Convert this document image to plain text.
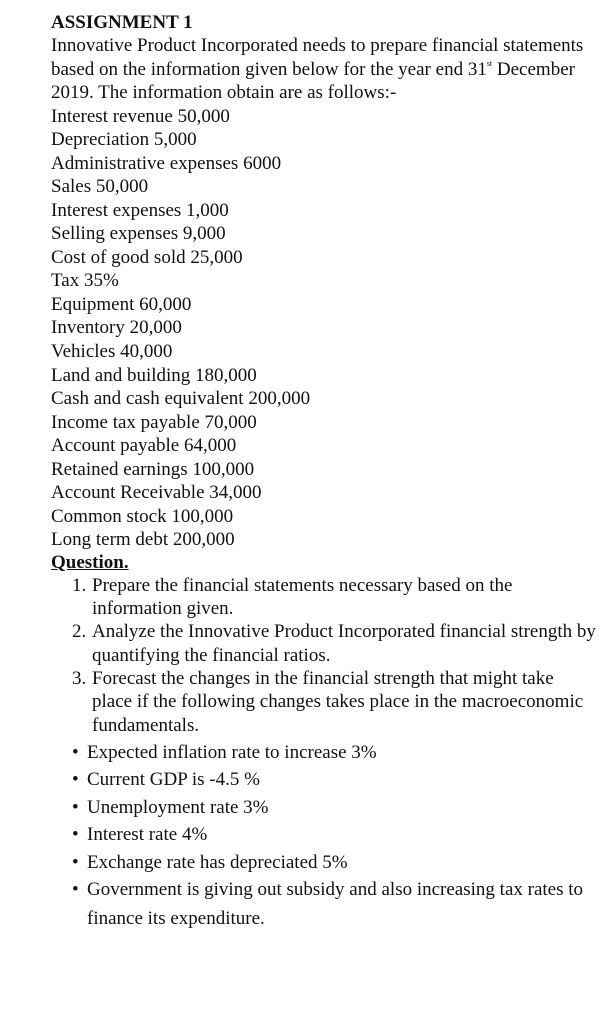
ASSIGNMENT 1

Innovative Product Incorporated needs to prepare financial statements based on the information given below for the year end 31st December 2019. The information obtain are as follows:-

Interest revenue 50,000
Depreciation 5,000
Administrative expenses 6000
Sales 50,000
Interest expenses 1,000
Selling expenses 9,000
Cost of good sold 25,000
Tax 35%
Equipment 60,000
Inventory 20,000
Vehicles 40,000
Land and building 180,000
Cash and cash equivalent 200,000
Income tax payable 70,000
Account payable 64,000
Retained earnings 100,000
Account Receivable 34,000
Common stock 100,000
Long term debt 200,000

Question.

1. Prepare the financial statements necessary based on the information given.
2. Analyze the Innovative Product Incorporated financial strength by quantifying the financial ratios.
3. Forecast the changes in the financial strength that might take place if the following changes takes place in the macroeconomic fundamentals.
• Expected inflation rate to increase 3%
• Current GDP is -4.5 %
• Unemployment rate 3%
• Interest rate 4%
• Exchange rate has depreciated 5%
• Government is giving out subsidy and also increasing tax rates to finance its expenditure.
